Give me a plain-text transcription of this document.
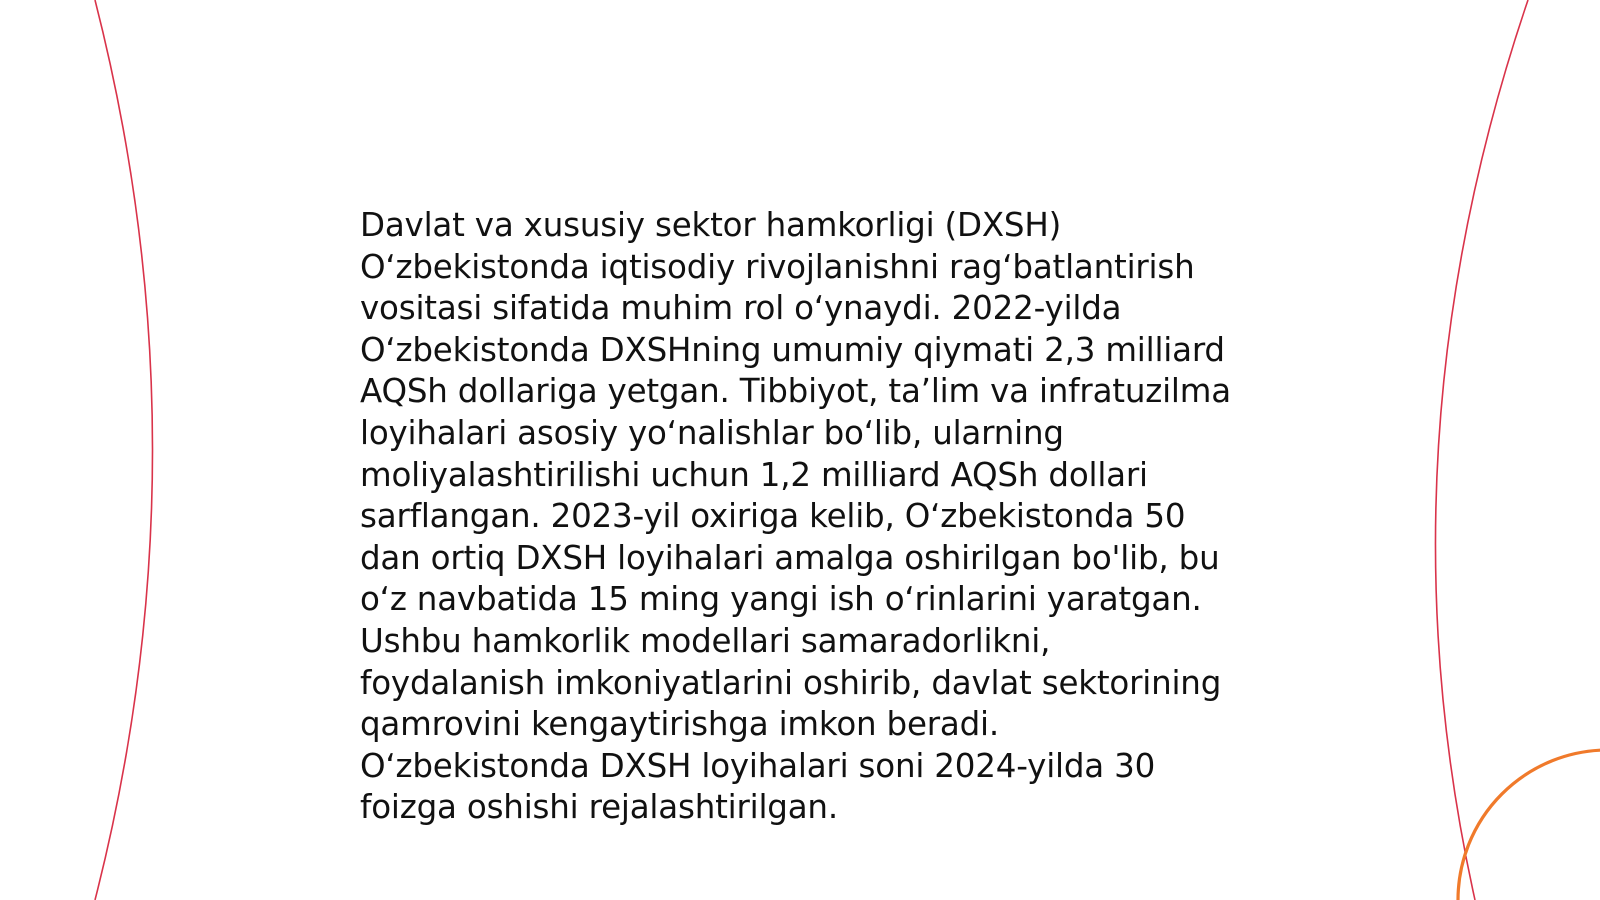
Davlat va xususiy sektor hamkorligi (DXSH)
O‘zbekistonda iqtisodiy rivojlanishni rag‘batlantirish
vositasi sifatida muhim rol o‘ynaydi. 2022-yilda
O‘zbekistonda DXSHning umumiy qiymati 2,3 milliard
AQSh dollariga yetgan. Tibbiyot, ta’lim va infratuzilma
loyihalari asosiy yo‘nalishlar bo‘lib, ularning
moliyalashtirilishi uchun 1,2 milliard AQSh dollari
sarflangan. 2023-yil oxiriga kelib, O‘zbekistonda 50
dan ortiq DXSH loyihalari amalga oshirilgan bo'lib, bu
o‘z navbatida 15 ming yangi ish o‘rinlarini yaratgan.
Ushbu hamkorlik modellari samaradorlikni,
foydalanish imkoniyatlarini oshirib, davlat sektorining
qamrovini kengaytirishga imkon beradi.
O‘zbekistonda DXSH loyihalari soni 2024-yilda 30
foizga oshishi rejalashtirilgan.
